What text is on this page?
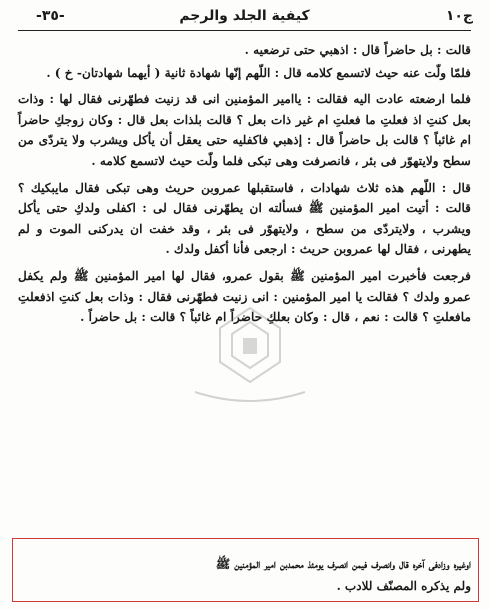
ج١٠
كيفية الجلد والرجم
-٣٥-

قالت : بل حاضراً قال : اذهبي حتى ترضعيه .

فلمّا ولّت عنه حيث لاتسمع كلامه قال : اللّهم إنّها شهادة ثانية ( أيهما شهادتان- خ ) .

فلما ارضعته عادت اليه فقالت : ياامير المؤمنين انى قد زنيت فطهّرنى فقال لها : وذات بعل كنتِ اذ فعلتِ ما فعلتِ ام غير ذات بعل ؟ قالت بلذات بعل قال : وكان زوجكِ حاضراً ام غائباً ؟ قالت بل حاضراً قال : إذهبي فاكفليه حتى يعقل أن يأكل ويشرب ولا يتردّى من سطح ولايتهوّر فى بئر ، فانصرفت وهى تبكى فلما ولّت حيث لاتسمع كلامه .

قال : اللّهم هذه ثلاث شهادات ، فاستقبلها عمروبن حريث وهى تبكى فقال مايبكيك ؟ قالت : أتيت امير المؤمنين ﷺ فسألته ان يطهّرنى فقال لى : اكفلى ولدكِ حتى يأكل ويشرب ، ولايتردّى من سطح ، ولايتهوّر فى بئر ، وقد خفت ان يدركنى الموت و لم يطهرنى ، فقال لها عمروبن حريث : ارجعى فأنا أكفل ولدك .

فرجعت فأخبرت امير المؤمنين ﷺ بقول عمرو، فقال لها امير المؤمنين ﷺ ولم يكفل عمرو ولدك ؟ فقالت يا امير المؤمنين : انى زنيت فطهّرنى فقال : وذات بعل كنتِ اذفعلتِ مافعلتِ ؟ قالت : نعم ، قال : وكان بعلكِ حاضراً ام غائباً ؟ قالت : بل حاضراً .

اوغيره وزادفى آخره قال وانصرف فيمن انصرف يومئذ محمدبن امير المؤمنين ﷺ

ولم يذكره المصنّف للادب .
